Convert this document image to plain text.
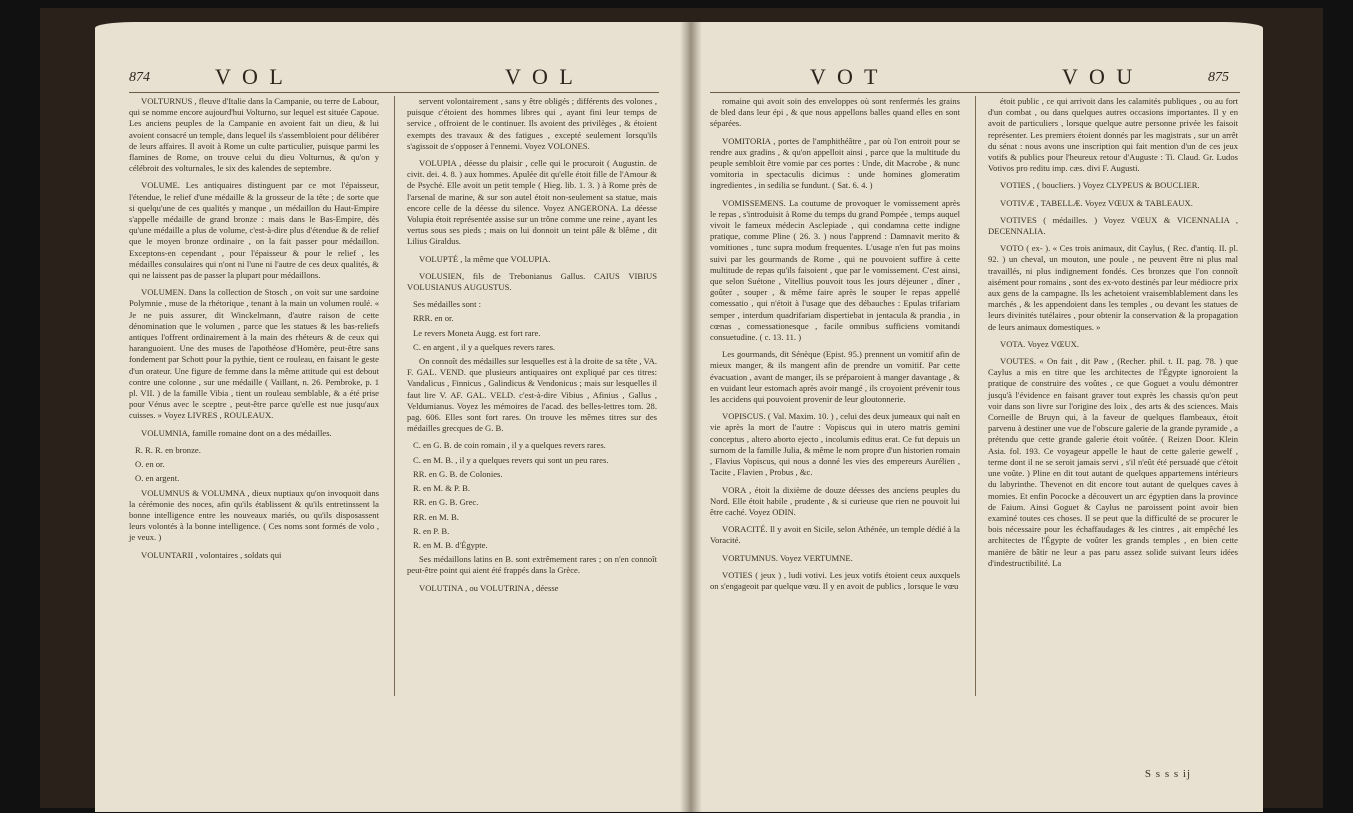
874	V O L	V O L

VOLTURNUS , fleuve d'Italie dans la Campanie, ou terre de Labour, qui se nomme encore aujourd'hui Volturno, sur lequel est située Capoue. Les anciens peuples de la Campanie en avoient fait un dieu, & lui avoient consacré un temple, dans lequel ils s'assembloient pour délibérer de leurs affaires. Il avoit à Rome un culte particulier, puisque parmi les flamines de Rome, on trouve celui du dieu Volturnus, & qu'on y célébroit des volturnales, le six des kalendes de septembre.

VOLUME. Les antiquaires distinguent par ce mot l'épaisseur, l'étendue, le relief d'une médaille & la grosseur de la tête ; de sorte que si quelqu'une de ces qualités y manque , un médaillon du Haut-Empire s'appelle médaille de grand bronze : mais dans le Bas-Empire, dès qu'une médaille a plus de volume, c'est-à-dire plus d'étendue & de relief que le moyen bronze ordinaire , on la fait passer pour médaillon. Exceptons-en cependant , pour l'épaisseur & pour le relief , les médailles consulaires qui n'ont ni l'une ni l'autre de ces deux qualités, & qui ne laissent pas de passer la plupart pour médaillons.

VOLUMEN. Dans la collection de Stosch , on voit sur une sardoine Polymnie , muse de la rhétorique , tenant à la main un volumen roulé. « Je ne puis assurer, dit Winckelmann, d'autre raison de cette dénomination que le volumen , parce que les statues & les bas-reliefs antiques l'offrent ordinairement à la main des rhéteurs & de ceux qui haranguoient. Une des muses de l'apothéose d'Homère, peut-être sans fondement par Schott pour la pythie, tient ce rouleau, en faisant le geste d'un orateur. Une figure de femme dans la même attitude qui est debout contre une colonne , sur une médaille ( Vaillant, n. 26. Pembroke, p. 1 pl. VII. ) de la famille Vibia , tient un rouleau semblable, & a été prise pour Vénus avec le sceptre , peut-être parce qu'elle est nue jusqu'aux cuisses. » Voyez LIVRES , ROULEAUX.

VOLUMNIA, famille romaine dont on a des médailles.

R. R. R. en bronze.

O. en or.

O. en argent.

VOLUMNUS & VOLUMNA , dieux nuptiaux qu'on invoquoit dans la cérémonie des noces, afin qu'ils établissent & qu'ils entretinssent la bonne intelligence entre les nouveaux mariés, ou qu'ils disposassent leurs volontés à la bonne intelligence. ( Ces noms sont formés de volo , je veux. )

VOLUNTARII , volontaires , soldats qui

servent volontairement , sans y être obligés ; différents des volones , puisque c'étoient des hommes libres qui , ayant fini leur temps de service , offroient de le continuer. Ils avoient des privilèges , & étoient exempts des travaux & des fatigues , excepté seulement lorsqu'ils s'agissoit de s'opposer à l'ennemi. Voyez VOLONES.

VOLUPIA , déesse du plaisir , celle qui le procuroit ( Augustin. de civit. dei. 4. 8. ) aux hommes. Apulée dit qu'elle étoit fille de l'Amour & de Psyché. Elle avoit un petit temple ( Hieg. lib. 1. 3. ) à Rome près de l'arsenal de marine, & sur son autel étoit non-seulement sa statue, mais encore celle de la déesse du silence. Voyez ANGERONA. La déesse Volupia étoit représentée assise sur un trône comme une reine , ayant les vertus sous ses pieds ; mais on lui donnoit un teint pâle & blême , dit Lilius Giraldus.

VOLUPTÉ , la même que VOLUPIA.

VOLUSIEN, fils de Trebonianus Gallus. CAIUS VIBIUS VOLUSIANUS AUGUSTUS.

Ses médailles sont :

RRR. en or.

Le revers Moneta Augg. est fort rare.

C. en argent , il y a quelques revers rares.

On connoît des médailles sur lesquelles est à la droite de sa tête , VA. F. GAL. VEND. que plusieurs antiquaires ont expliqué par ces titres: Vandalicus , Finnicus , Galindicus & Vendonicus ; mais sur lesquelles il faut lire V. AF. GAL. VELD. c'est-à-dire Vibius , Afinius , Gallus , Veldumianus. Voyez les mémoires de l'acad. des belles-lettres tom. 28. pag. 606. Elles sont fort rares. On trouve les mêmes titres sur des médailles grecques de G. B.

C. en G. B. de coin romain , il y a quelques revers rares.

C. en M. B. , il y a quelques revers qui sont un peu rares.

RR. en G. B. de Colonies.

R. en M. & P. B.

RR. en G. B. Grec.

RR. en M. B.

R. en P. B.

R. en M. B. d'Égypte.

Ses médaillons latins en B. sont extrêmement rares ; on n'en connoît peut-être point qui aient été frappés dans la Grèce.

VOLUTINA , ou VOLUTRINA , déesse

V O T	V O U	875

romaine qui avoit soin des enveloppes où sont renfermés les grains de bled dans leur épi , & que nous appellons balles quand elles en sont séparées.

VOMITORIA , portes de l'amphithéâtre , par où l'on entroit pour se rendre aux gradins , & qu'on appelloit ainsi , parce que la multitude du peuple sembloit être vomie par ces portes : Unde, dit Macrobe , & nunc vomitoria in spectaculis dicimus : unde homines glomeratim ingredientes , in sedilia se fundunt. ( Sat. 6. 4. )

VOMISSEMENS. La coutume de provoquer le vomissement après le repas , s'introduisit à Rome du temps du grand Pompée , temps auquel vivoit le fameux médecin Asclepiade , qui condamna cette indigne pratique, comme Pline ( 26. 3. ) nous l'apprend : Damnavit merito & vomitiones , tunc supra modum frequentes. L'usage n'en fut pas moins suivi par les gourmands de Rome , qui ne pouvoient suffire à cette multitude de repas qu'ils faisoient , que par le vomissement. C'est ainsi, que selon Suétone , Vitellius pouvoit tous les jours déjeuner , dîner , goûter , souper , & même faire après le souper le repas appellé comessatio , qui n'étoit à l'usage que des débauches : Epulas trifariam semper , interdum quadrifariam dispertiebat in jentacula & prandia , in cœnas , comessationesque , facile omnibus sufficiens vomitandi consuetudine. ( c. 13. 11. )

Les gourmands, dit Sénèque (Epist. 95.) prennent un vomitif afin de mieux manger, & ils mangent afin de prendre un vomitif. Par cette évacuation , avant de manger, ils se préparoient à manger davantage , & en vuidant leur estomach après avoir mangé , ils croyoient prévenir tous les accidens qui pouvoient provenir de leur gloutonnerie.

VOPISCUS. ( Val. Maxim. 10. ) , celui des deux jumeaux qui naît en vie après la mort de l'autre : Vopiscus qui in utero matris gemini conceptus , altero aborto ejecto , incolumis editus erat. Ce fut depuis un surnom de la famille Julia, & même le nom propre d'un historien romain , Flavius Vopiscus, qui nous a donné les vies des empereurs Aurélien , Tacite , Flavien , Probus , &c.

VORA , étoit la dixième de douze déesses des anciens peuples du Nord. Elle étoit habile , prudente , & si curieuse que rien ne pouvoit lui être caché. Voyez ODIN.

VORACITÉ. Il y avoit en Sicile, selon Athénée, un temple dédié à la Voracité.

VORTUMNUS. Voyez VERTUMNE.

VOTIES ( jeux ) , ludi votivi. Les jeux votifs étoient ceux auxquels on s'engageoit par quelque vœu. Il y en avoit de publics , lorsque le vœu

étoit public , ce qui arrivoit dans les calamités publiques , ou au fort d'un combat , ou dans quelques autres occasions importantes. Il y en avoit de particuliers , lorsque quelque autre personne privée les faisoit représenter. Les premiers étoient donnés par les magistrats , sur un arrêt du sénat : nous avons une inscription qui fait mention d'un de ces jeux votifs & publics pour l'heureux retour d'Auguste : Ti. Claud. Gr. Ludos Votivos pro reditu imp. cæs. divi F. Augusti.

VOTIES , ( boucliers. ) Voyez CLYPEUS & BOUCLIER.

VOTIVÆ , TABELLÆ. Voyez VŒUX & TABLEAUX.

VOTIVES ( médailles. ) Voyez VŒUX & VICENNALIA , DECENNALIA.

VOTO ( ex- ). « Ces trois animaux, dit Caylus, ( Rec. d'antiq. II. pl. 92. ) un cheval, un mouton, une poule , ne peuvent être ni plus mal travaillés, ni plus indignement fondés. Ces bronzes que l'on connoît aisément pour romains , sont des ex-voto destinés par leur médiocre prix aux gens de la campagne. Ils les achetoient vraisemblablement dans les marchés , & les appendoient dans les temples , ou devant les statues de leurs divinités tutélaires , pour obtenir la conservation & la propagation de leurs animaux domestiques. »

VOTA. Voyez VŒUX.

VOUTES. « On fait , dit Paw , (Recher. phil. t. II. pag. 78. ) que Caylus a mis en titre que les architectes de l'Égypte ignoroient la pratique de construire des voûtes , ce que Goguet a voulu démontrer jusqu'à l'évidence en faisant graver tout exprès les chassis qu'on peut voir dans son livre sur l'origine des loix , des arts & des sciences. Mais Corneille de Bruyn qui, à la faveur de quelques flambeaux, étoit parvenu à destiner une vue de l'obscure galerie de la grande pyramide , a prétendu que cette grande galerie étoit voûtée. ( Reizen Door. Klein Asia. fol. 193. Ce voyageur appelle le haut de cette galerie gewelf , terme dont il ne se seroit jamais servi , s'il n'eût été persuadé que c'étoit une voûte. ) Pline en dit tout autant de quelques appartemens intérieurs du labyrinthe. Thevenot en dit encore tout autant de quelques caves à momies. Et enfin Pococke a découvert un arc égyptien dans la province de Faium. Ainsi Goguet & Caylus ne paroissent point avoir bien examiné toutes ces choses. Il se peut que la difficulté de se procurer le bois nécessaire pour les échaffaudages & les cintres , ait empêché les architectes de l'Égypte de voûter les grands temples , en bien cette manière de bâtir ne leur a pas paru assez solide suivant leurs idées d'indestructibilité. La

S s s s ij
